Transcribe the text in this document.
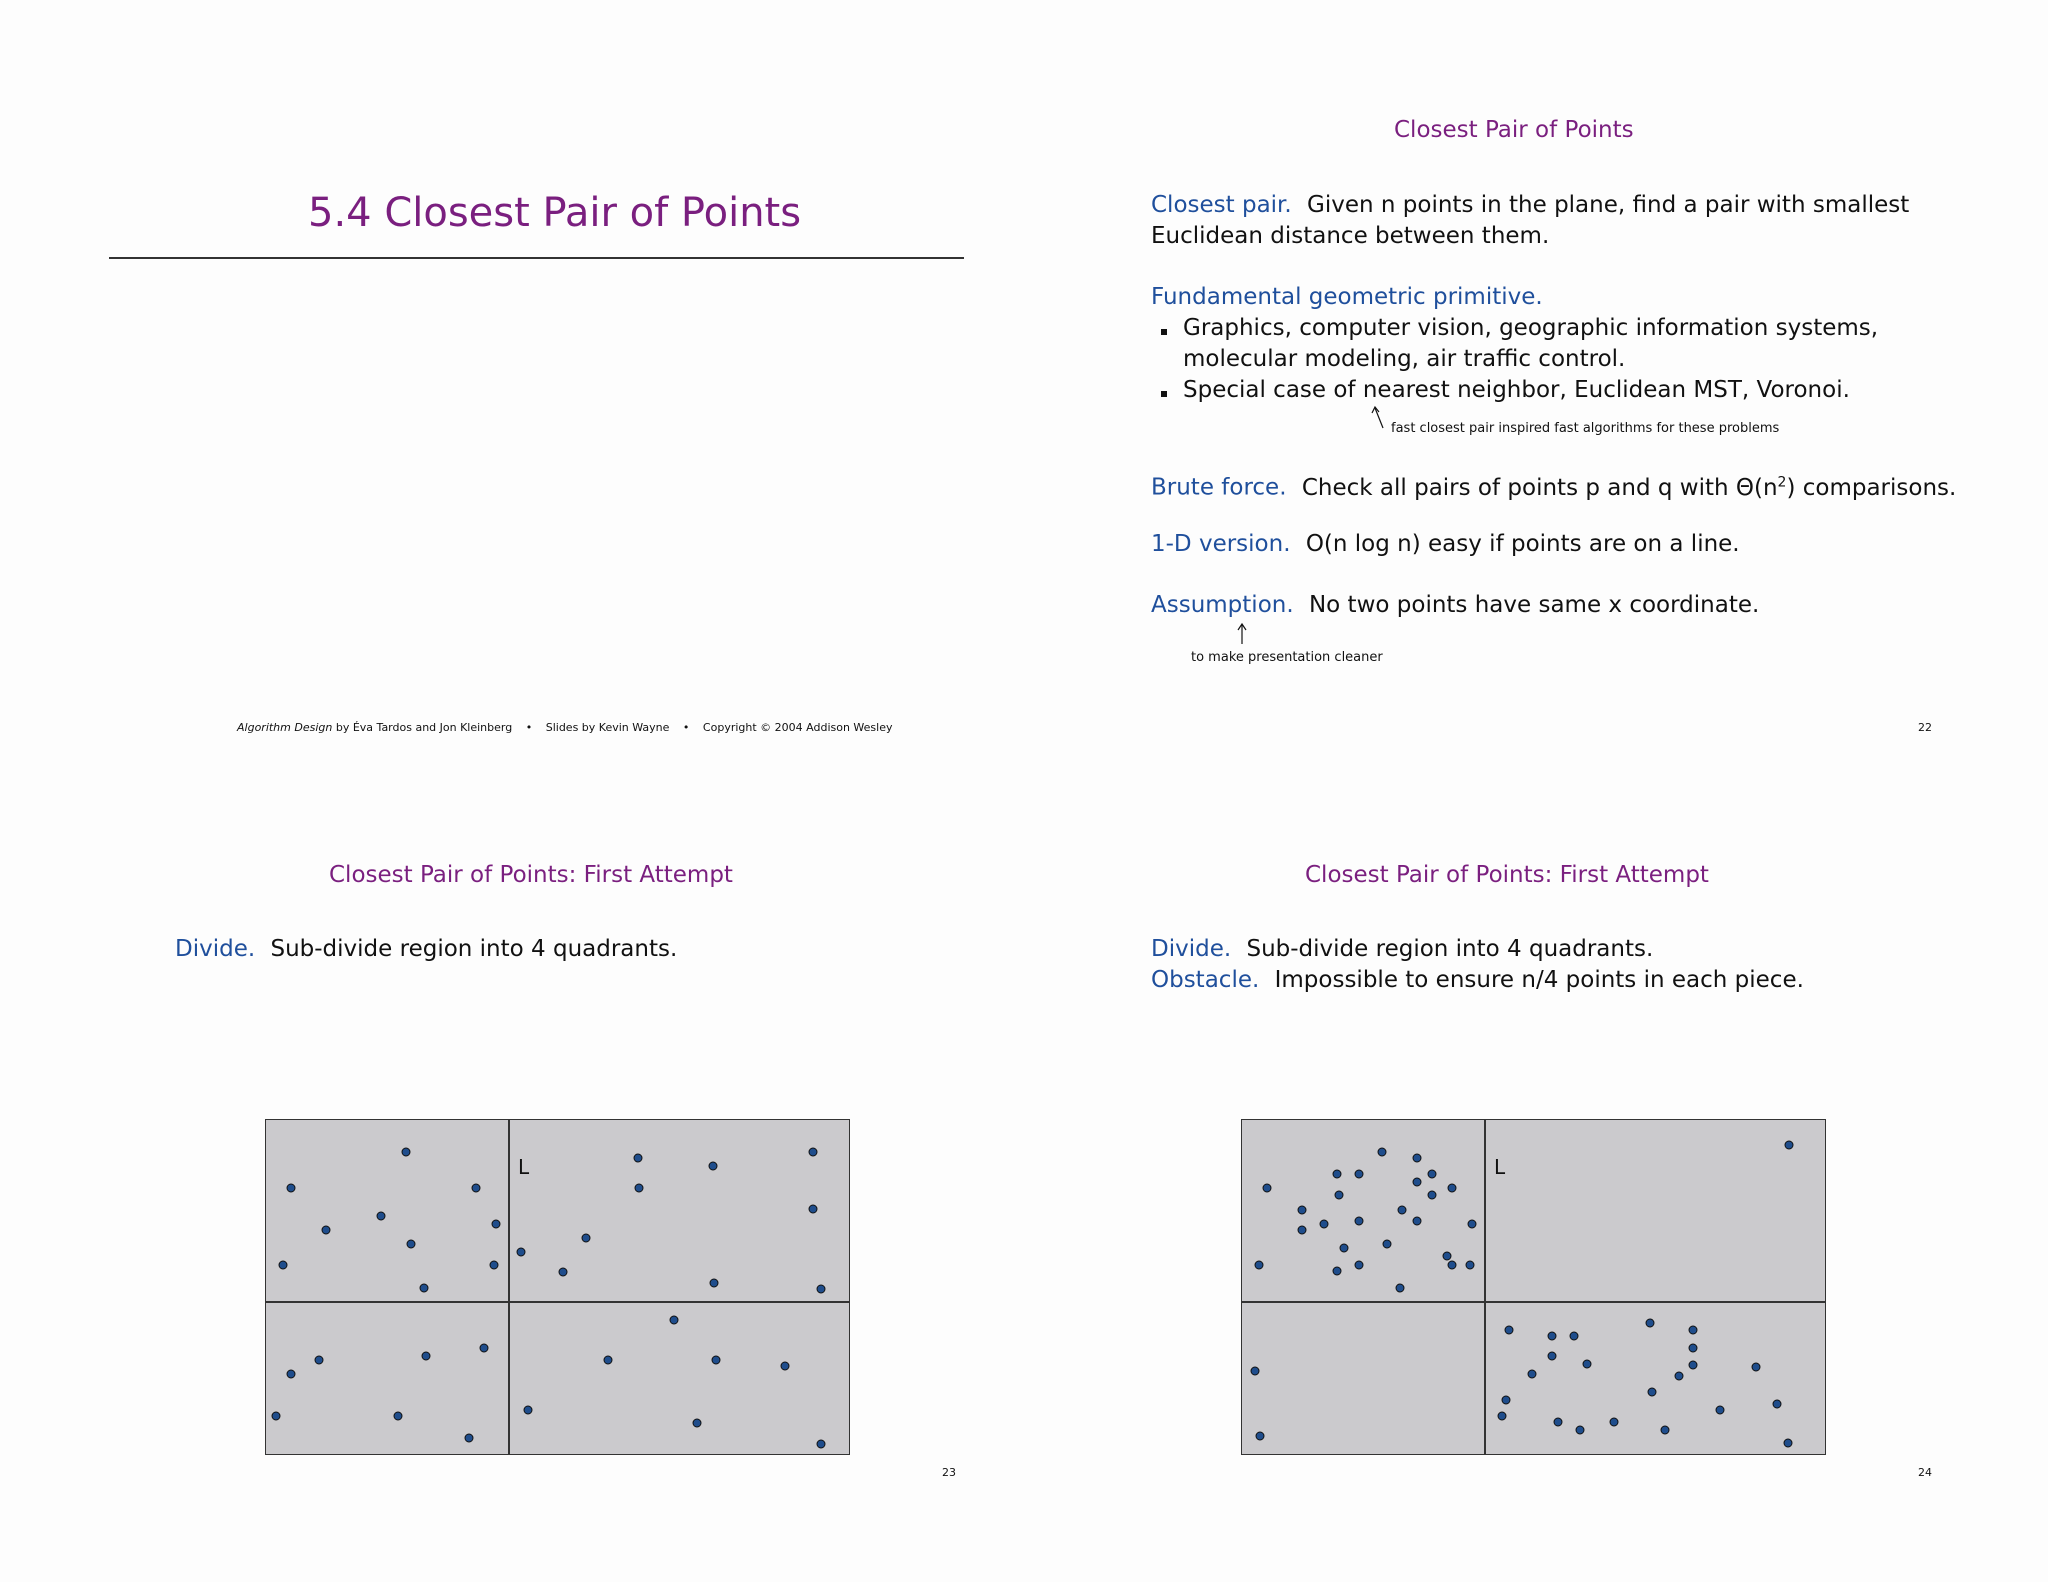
5.4 Closest Pair of Points
Algorithm Design by Éva Tardos and Jon Kleinberg • Slides by Kevin Wayne • Copyright © 2004 Addison Wesley
Closest Pair of Points
Closest pair. Given n points in the plane, find a pair with smallest
Euclidean distance between them.
Fundamental geometric primitive.
Graphics, computer vision, geographic information systems,
molecular modeling, air traffic control.
Special case of nearest neighbor, Euclidean MST, Voronoi.
fast closest pair inspired fast algorithms for these problems
Brute force. Check all pairs of points p and q with $\Theta(n^2)$ comparisons.
1-D version. O(n log n) easy if points are on a line.
Assumption. No two points have same x coordinate.
to make presentation cleaner
22
Closest Pair of Points: First Attempt
Divide. Sub-divide region into 4 quadrants.
L
23
Closest Pair of Points: First Attempt
Divide. Sub-divide region into 4 quadrants.
Obstacle. Impossible to ensure n/4 points in each piece.
L
24
